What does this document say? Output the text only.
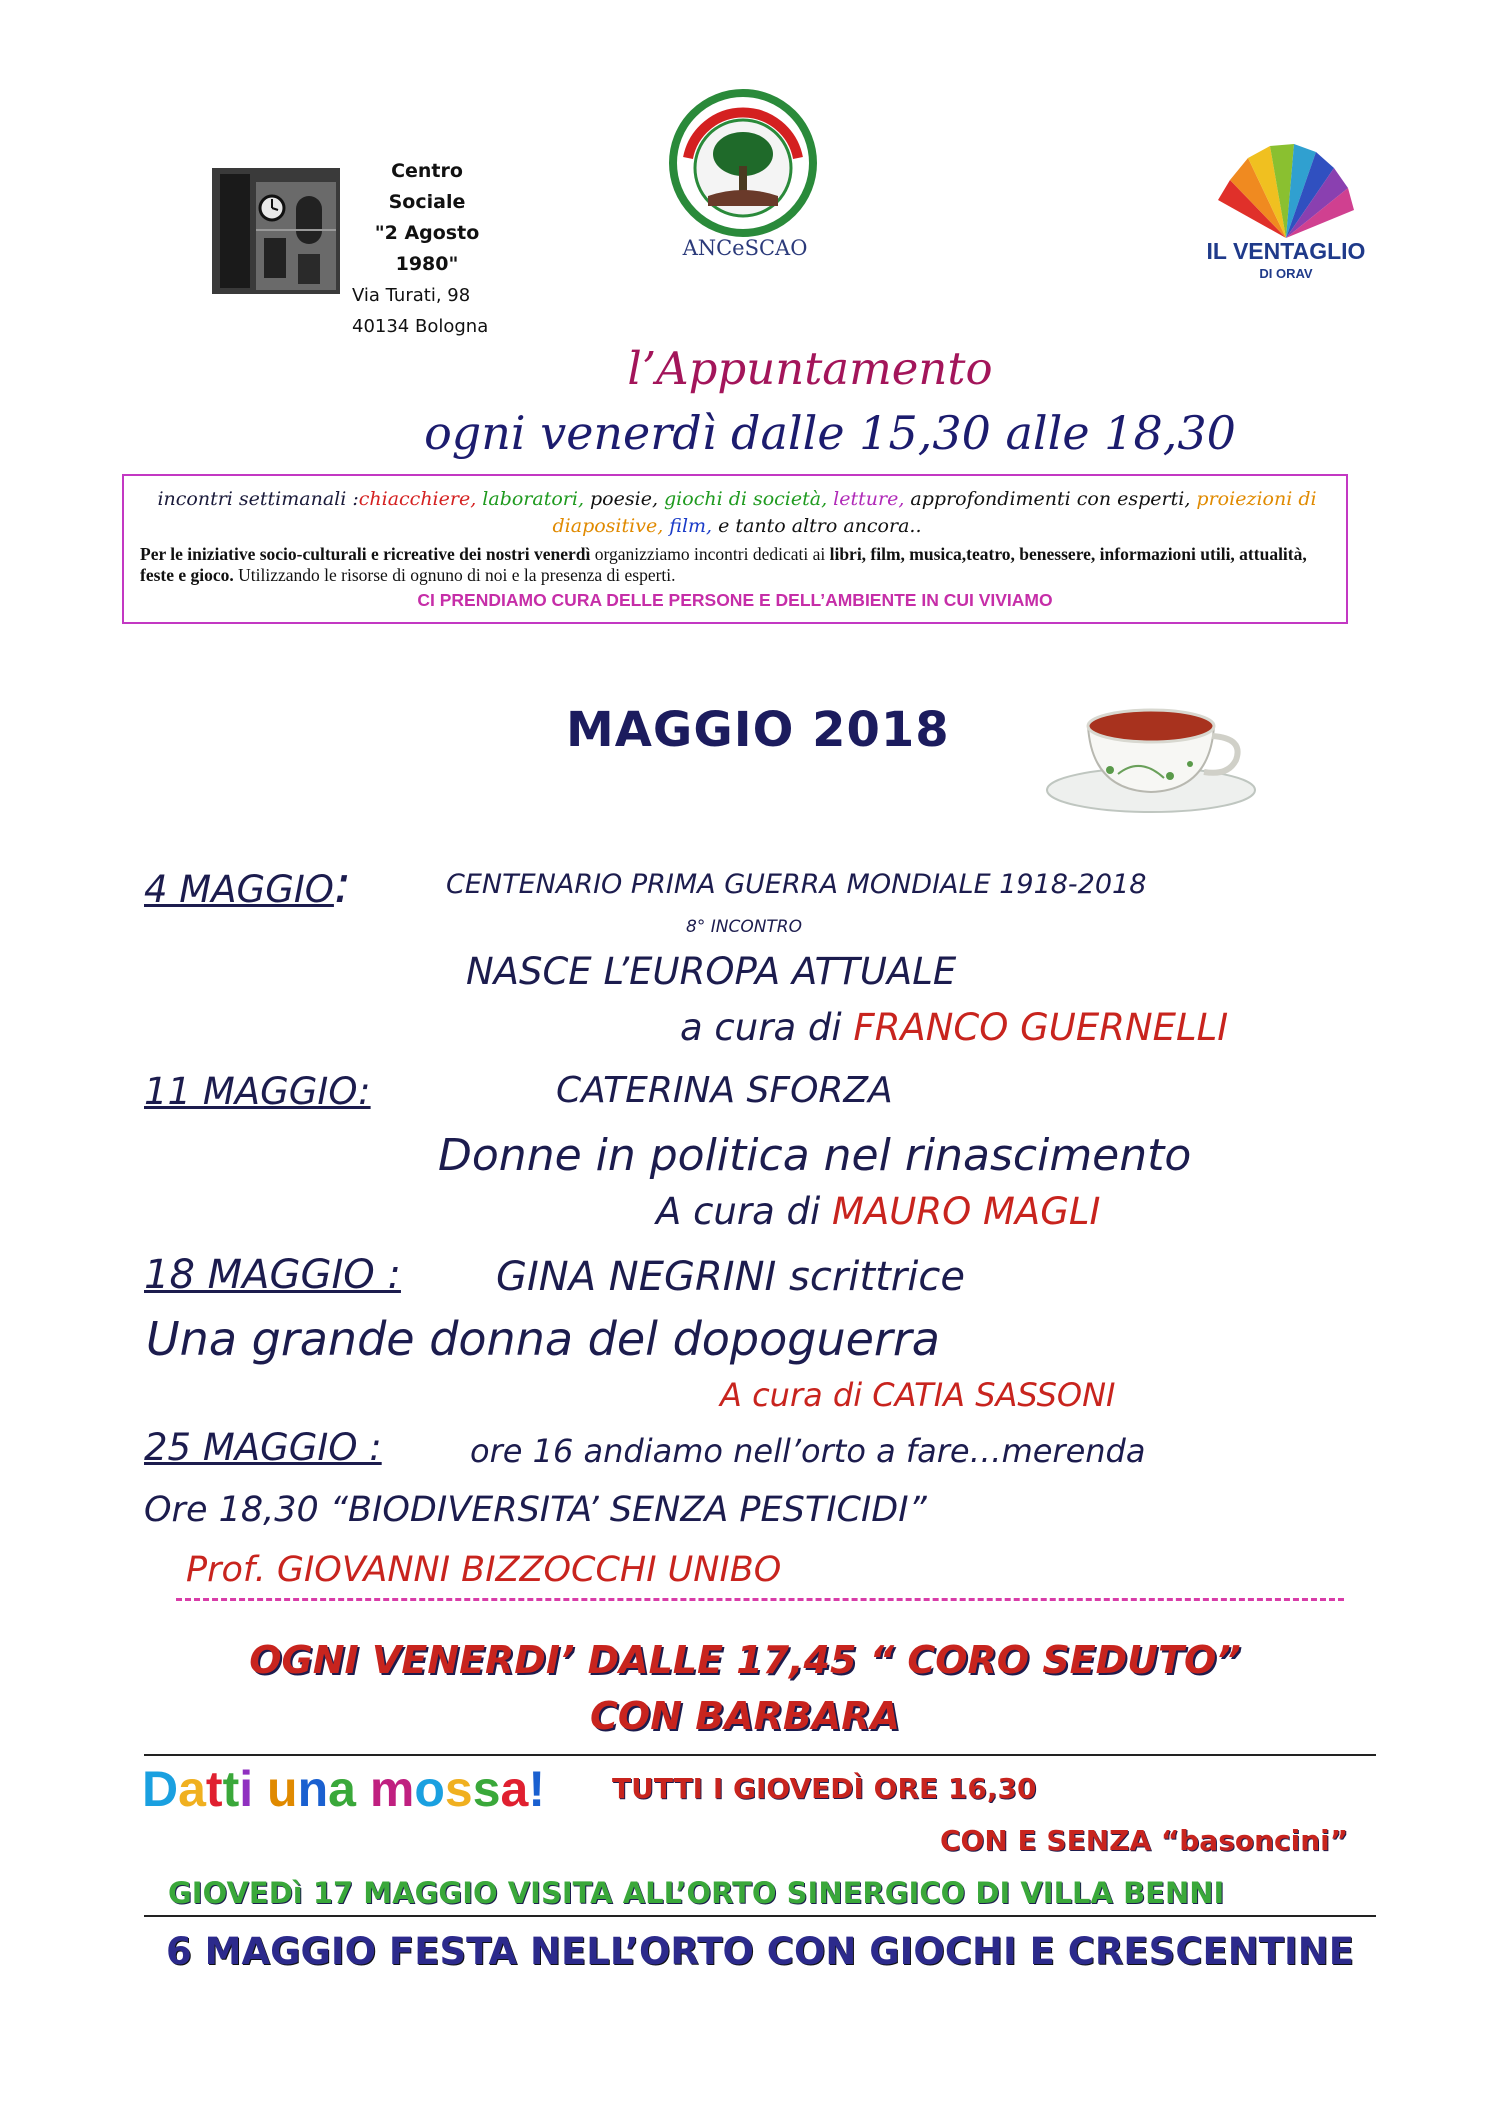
Centro Sociale
"2 Agosto
1980"
Via Turati, 98
40134 Bologna
ANCeSCAO	IL VENTAGLIO
DI ORAV
l’Appuntamento
ogni venerdì dalle 15,30 alle 18,30
incontri settimanali :chiacchiere, laboratori, poesie, giochi di società, letture, approfondimenti con esperti, proiezioni di diapositive, film, e tanto altro ancora..
Per le iniziative socio-culturali e ricreative dei nostri venerdì organizziamo incontri dedicati ai libri, film, musica,teatro, benessere, informazioni utili, attualità, feste e gioco. Utilizzando le risorse di ognuno di noi e la presenza di esperti.
CI PRENDIAMO CURA DELLE PERSONE E DELL’AMBIENTE IN CUI VIVIAMO
MAGGIO 2018
4 MAGGIO:	CENTENARIO PRIMA GUERRA MONDIALE 1918-2018
8° INCONTRO
NASCE L’EUROPA ATTUALE
a cura di FRANCO GUERNELLI
11 MAGGIO:	CATERINA SFORZA
Donne in politica nel rinascimento
A cura di MAURO MAGLI
18 MAGGIO : GINA NEGRINI scrittrice
Una grande donna del dopoguerra
A cura di CATIA SASSONI
25 MAGGIO :	ore 16 andiamo nell’orto a fare…merenda
Ore 18,30 “BIODIVERSITA’ SENZA PESTICIDI”
Prof. GIOVANNI BIZZOCCHI UNIBO
OGNI VENERDI’ DALLE 17,45 “ CORO SEDUTO”
CON BARBARA
Datti una mossa! TUTTI I GIOVEDÌ ORE 16,30
CON E SENZA “basoncini”
GIOVEDì 17 MAGGIO VISITA ALL’ORTO SINERGICO DI VILLA BENNI
6 MAGGIO FESTA NELL’ORTO CON GIOCHI E CRESCENTINE
